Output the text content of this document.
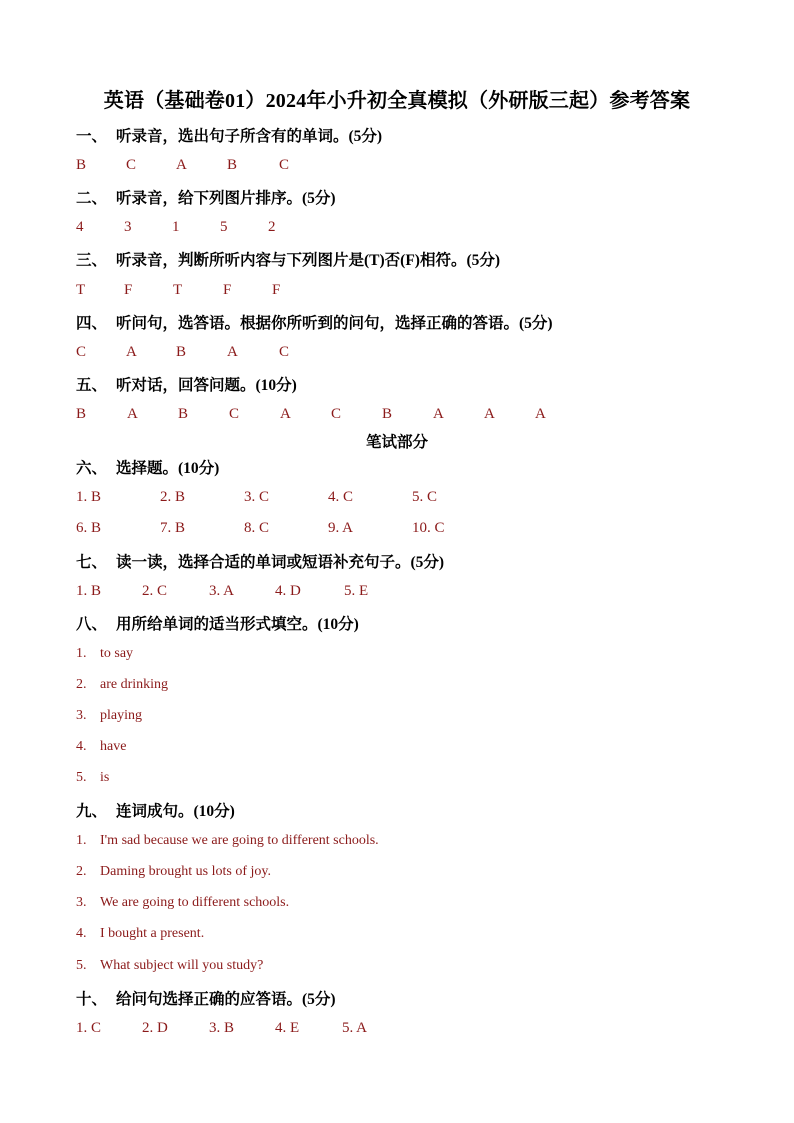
英语（基础卷01）2024年小升初全真模拟（外研版三起）参考答案
一、 听录音，选出句子所含有的单词。(5分)
B	C	A	B	C
二、 听录音，给下列图片排序。(5分)
4	3	1	5	2
三、 听录音，判断所听内容与下列图片是(T)否(F)相符。(5分)
T	F	T	F	F
四、 听问句，选答语。根据你所听到的问句，选择正确的答语。(5分)
C	A	B	A	C
五、 听对话，回答问题。(10分)
B	A	B	C	A	C	B	A	A	A
笔试部分
六、 选择题。(10分)
1. B	2. B	3. C	4. C	5. C
6. B	7. B	8. C	9. A	10. C
七、 读一读，选择合适的单词或短语补充句子。(5分)
1. B	2. C	3. A	4. D	5. E
八、 用所给单词的适当形式填空。(10分)
1. to say
2. are drinking
3. playing
4. have
5. is
九、 连词成句。(10分)
1. I'm sad because we are going to different schools.
2. Daming brought us lots of joy.
3. We are going to different schools.
4. I bought a present.
5. What subject will you study?
十、 给问句选择正确的应答语。(5分)
1. C	2. D	3. B	4. E	5. A
